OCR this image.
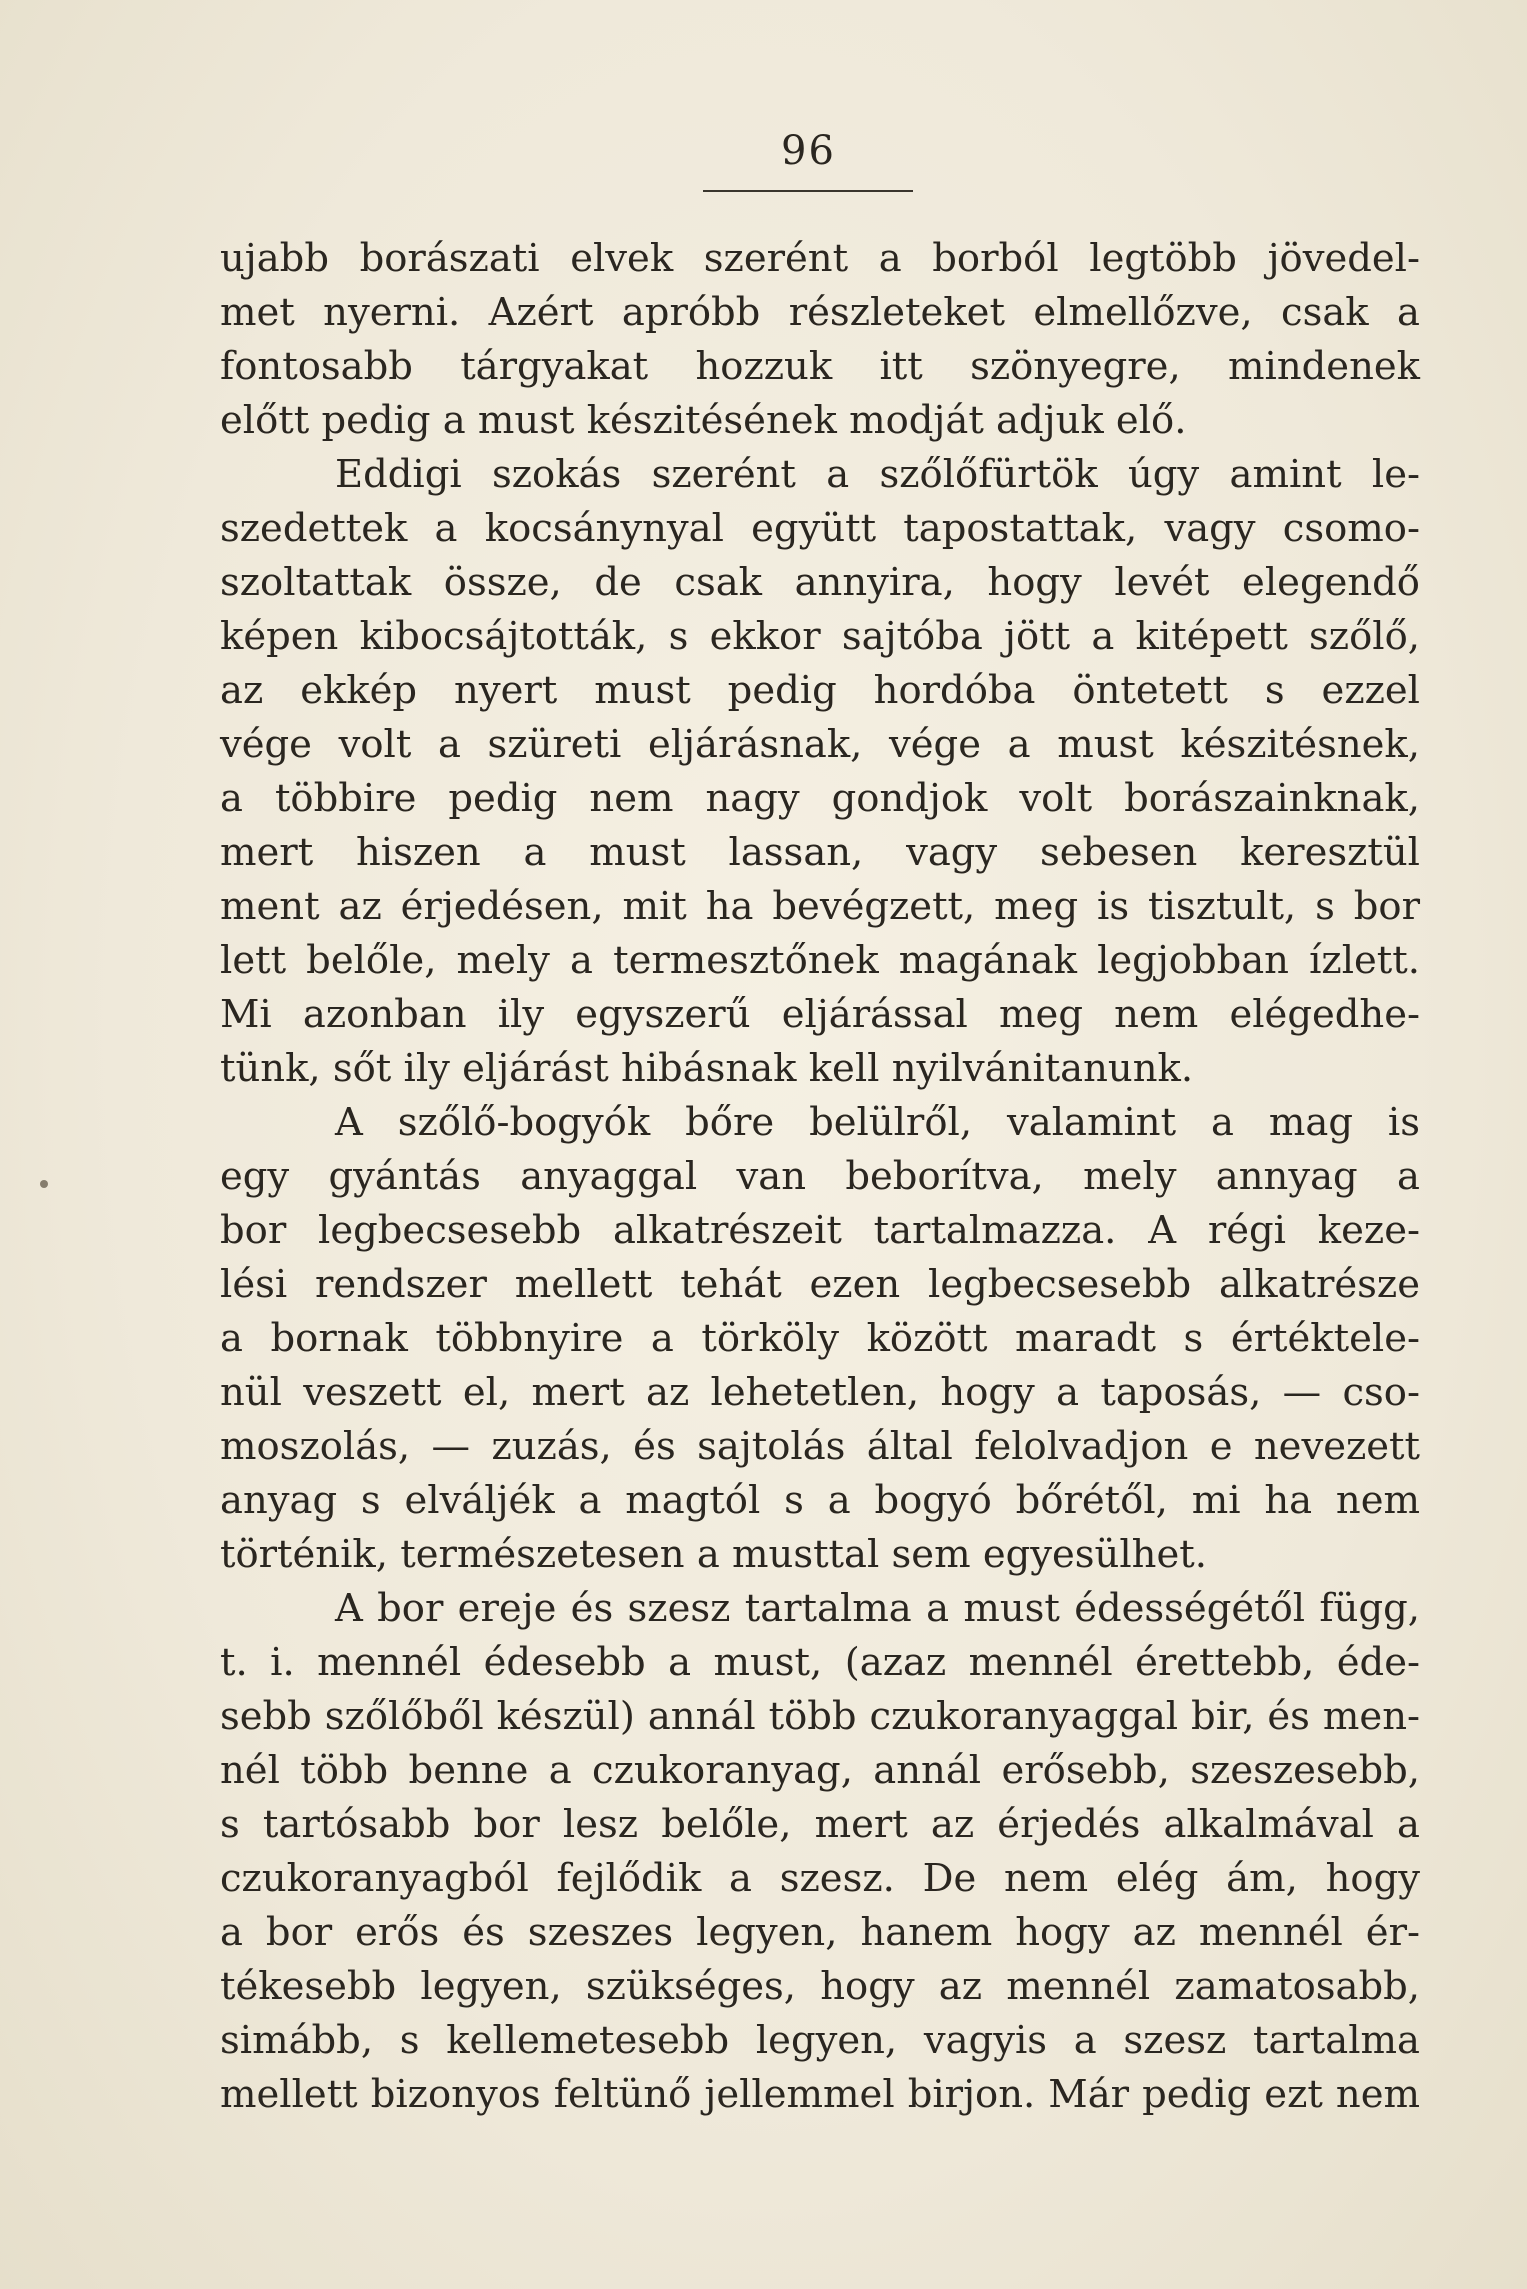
96
ujabb borászati elvek szerént a borból legtöbb jövedel-
met nyerni. Azért apróbb részleteket elmellőzve, csak a
fontosabb tárgyakat hozzuk itt szönyegre, mindenek
előtt pedig a must készitésének modját adjuk elő.
Eddigi szokás szerént a szőlőfürtök úgy amint le-
szedettek a kocsánynyal együtt tapostattak, vagy csomo-
szoltattak össze, de csak annyira, hogy levét elegendő
képen kibocsájtották, s ekkor sajtóba jött a kitépett szőlő,
az ekkép nyert must pedig hordóba öntetett s ezzel
vége volt a szüreti eljárásnak, vége a must készitésnek,
a többire pedig nem nagy gondjok volt borászainknak,
mert hiszen a must lassan, vagy sebesen keresztül
ment az érjedésen, mit ha bevégzett, meg is tisztult, s bor
lett belőle, mely a termesztőnek magának legjobban ízlett.
Mi azonban ily egyszerű eljárással meg nem elégedhe-
tünk, sőt ily eljárást hibásnak kell nyilvánitanunk.
A szőlő-bogyók bőre belülről, valamint a mag is
egy gyántás anyaggal van beborítva, mely annyag a
bor legbecsesebb alkatrészeit tartalmazza. A régi keze-
lési rendszer mellett tehát ezen legbecsesebb alkatrésze
a bornak többnyire a törköly között maradt s értéktele-
nül veszett el, mert az lehetetlen, hogy a taposás, — cso-
moszolás, — zuzás, és sajtolás által felolvadjon e nevezett
anyag s elváljék a magtól s a bogyó bőrétől, mi ha nem
történik, természetesen a musttal sem egyesülhet.
A bor ereje és szesz tartalma a must édességétől függ,
t. i. mennél édesebb a must, (azaz mennél érettebb, éde-
sebb szőlőből készül) annál több czukoranyaggal bir, és men-
nél több benne a czukoranyag, annál erősebb, szeszesebb,
s tartósabb bor lesz belőle, mert az érjedés alkalmával a
czukoranyagból fejlődik a szesz. De nem elég ám, hogy
a bor erős és szeszes legyen, hanem hogy az mennél ér-
tékesebb legyen, szükséges, hogy az mennél zamatosabb,
simább, s kellemetesebb legyen, vagyis a szesz tartalma
mellett bizonyos feltünő jellemmel birjon. Már pedig ezt nem
